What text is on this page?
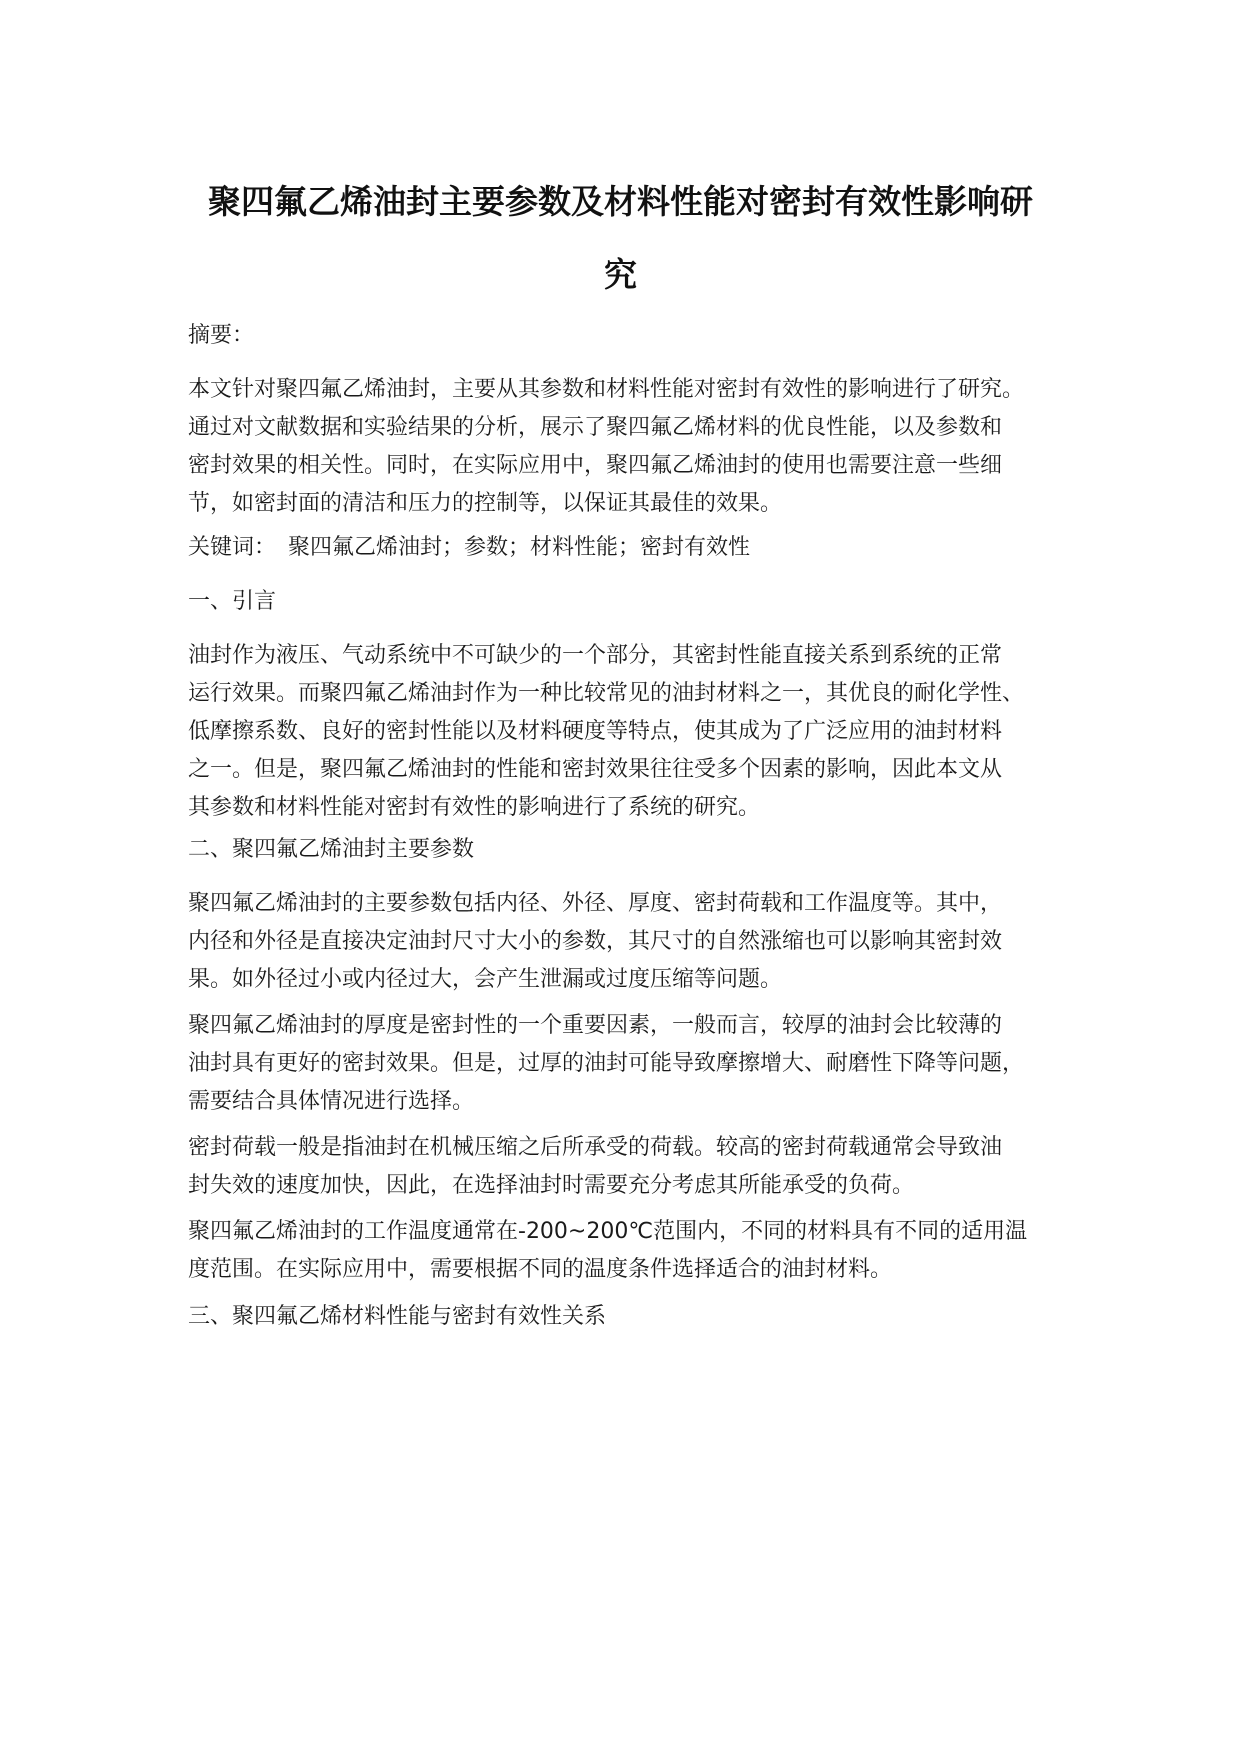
聚四氟乙烯油封主要参数及材料性能对密封有效性影响研
究

摘要：

本文针对聚四氟乙烯油封，主要从其参数和材料性能对密封有效性的影响进行了研究。
通过对文献数据和实验结果的分析，展示了聚四氟乙烯材料的优良性能，以及参数和
密封效果的相关性。同时，在实际应用中，聚四氟乙烯油封的使用也需要注意一些细
节，如密封面的清洁和压力的控制等，以保证其最佳的效果。

关键词： 聚四氟乙烯油封；参数；材料性能；密封有效性

一、引言

油封作为液压、气动系统中不可缺少的一个部分，其密封性能直接关系到系统的正常
运行效果。而聚四氟乙烯油封作为一种比较常见的油封材料之一，其优良的耐化学性、
低摩擦系数、良好的密封性能以及材料硬度等特点，使其成为了广泛应用的油封材料
之一。但是，聚四氟乙烯油封的性能和密封效果往往受多个因素的影响，因此本文从
其参数和材料性能对密封有效性的影响进行了系统的研究。

二、聚四氟乙烯油封主要参数

聚四氟乙烯油封的主要参数包括内径、外径、厚度、密封荷载和工作温度等。其中，
内径和外径是直接决定油封尺寸大小的参数，其尺寸的自然涨缩也可以影响其密封效
果。如外径过小或内径过大，会产生泄漏或过度压缩等问题。
聚四氟乙烯油封的厚度是密封性的一个重要因素，一般而言，较厚的油封会比较薄的
油封具有更好的密封效果。但是，过厚的油封可能导致摩擦增大、耐磨性下降等问题，
需要结合具体情况进行选择。
密封荷载一般是指油封在机械压缩之后所承受的荷载。较高的密封荷载通常会导致油
封失效的速度加快，因此，在选择油封时需要充分考虑其所能承受的负荷。
聚四氟乙烯油封的工作温度通常在-200~200℃范围内，不同的材料具有不同的适用温
度范围。在实际应用中，需要根据不同的温度条件选择适合的油封材料。

三、聚四氟乙烯材料性能与密封有效性关系
